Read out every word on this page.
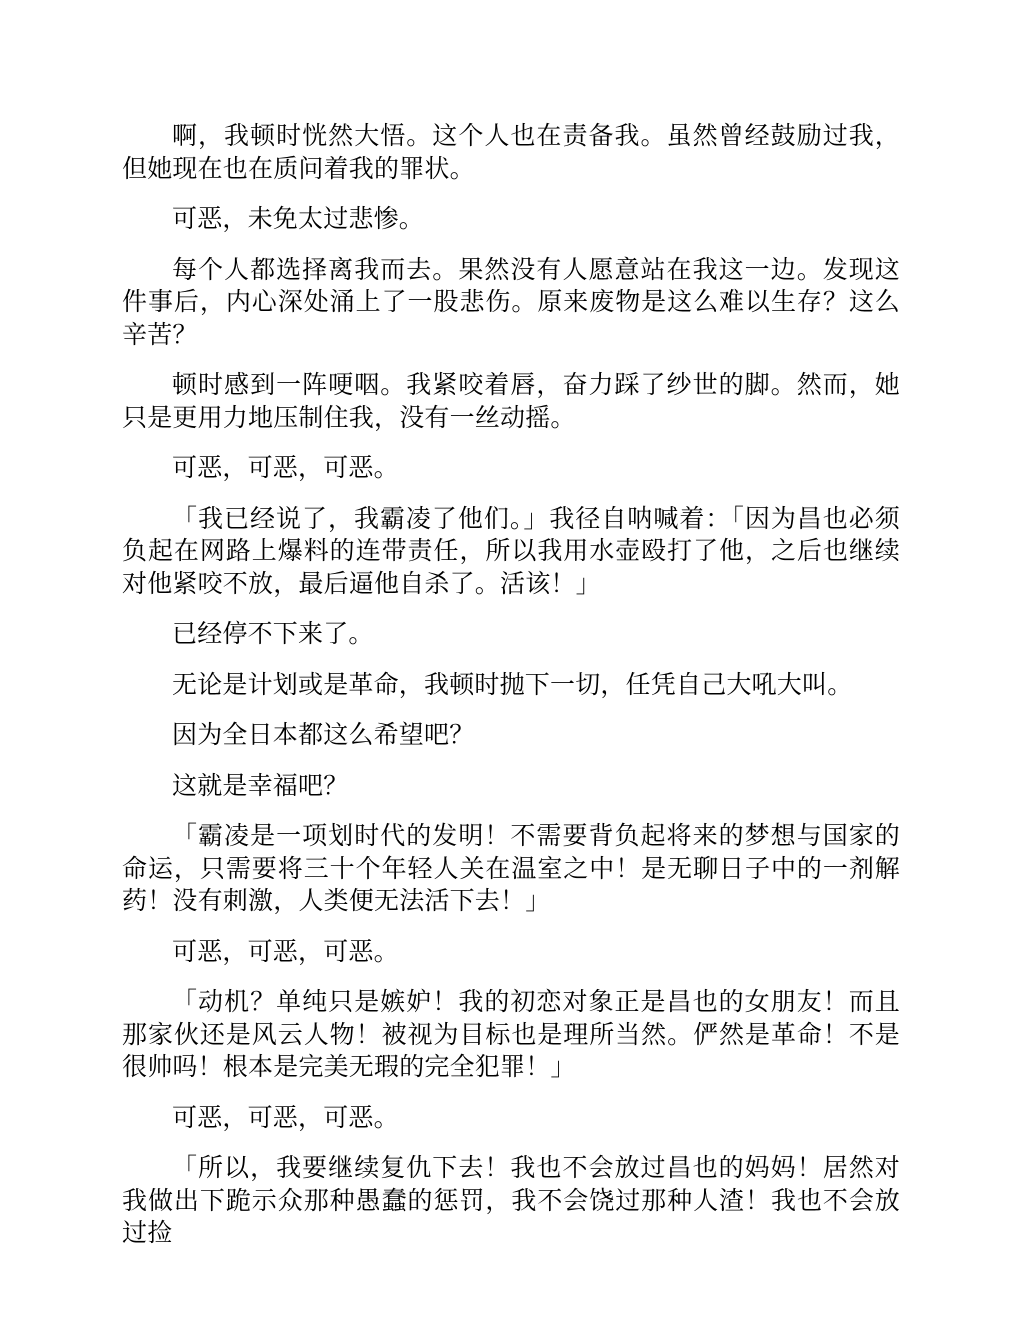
啊，我顿时恍然大悟。这个人也在责备我。虽然曾经鼓励过我，但她现在也在质问着我的罪状。

可恶，未免太过悲惨。

每个人都选择离我而去。果然没有人愿意站在我这一边。发现这件事后，内心深处涌上了一股悲伤。原来废物是这么难以生存？这么辛苦？

顿时感到一阵哽咽。我紧咬着唇，奋力踩了纱世的脚。然而，她只是更用力地压制住我，没有一丝动摇。

可恶，可恶，可恶。

「我已经说了，我霸凌了他们。」我径自呐喊着：「因为昌也必须负起在网路上爆料的连带责任，所以我用水壶殴打了他，之后也继续对他紧咬不放，最后逼他自杀了。活该！」

已经停不下来了。

无论是计划或是革命，我顿时抛下一切，任凭自己大吼大叫。

因为全日本都这么希望吧？

这就是幸福吧？

「霸凌是一项划时代的发明！不需要背负起将来的梦想与国家的命运，只需要将三十个年轻人关在温室之中！是无聊日子中的一剂解药！没有刺激，人类便无法活下去！」

可恶，可恶，可恶。

「动机？单纯只是嫉妒！我的初恋对象正是昌也的女朋友！而且那家伙还是风云人物！被视为目标也是理所当然。俨然是革命！不是很帅吗！根本是完美无瑕的完全犯罪！」

可恶，可恶，可恶。

「所以，我要继续复仇下去！我也不会放过昌也的妈妈！居然对我做出下跪示众那种愚蠢的惩罚，我不会饶过那种人渣！我也不会放过捡
